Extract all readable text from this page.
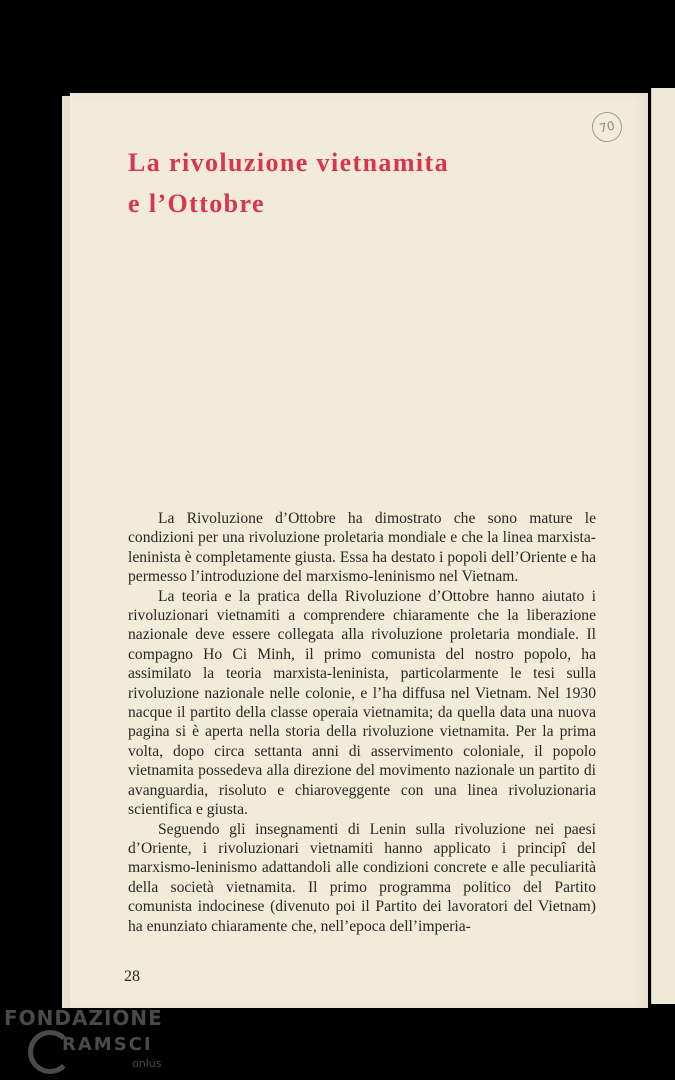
70
La rivoluzione vietnamita
e l’Ottobre

La Rivoluzione d’Ottobre ha dimostrato che sono mature le condizioni per una rivoluzione proletaria mondiale e che la linea marxista-leninista è completamente giusta. Essa ha destato i popoli dell’Oriente e ha permesso l’introduzione del marxismo-leninismo nel Vietnam.

La teoria e la pratica della Rivoluzione d’Ottobre hanno aiutato i rivoluzionari vietnamiti a comprendere chiaramente che la liberazione nazionale deve essere collegata alla rivoluzione proletaria mondiale. Il compagno Ho Ci Minh, il primo comunista del nostro popolo, ha assimilato la teoria marxista-leninista, particolarmente le tesi sulla rivoluzione nazionale nelle colonie, e l’ha diffusa nel Vietnam. Nel 1930 nacque il partito della classe operaia vietnamita; da quella data una nuova pagina si è aperta nella storia della rivoluzione vietnamita. Per la prima volta, dopo circa settanta anni di asservimento coloniale, il popolo vietnamita possedeva alla direzione del movimento nazionale un partito di avanguardia, risoluto e chiaroveggente con una linea rivoluzionaria scientifica e giusta.

Seguendo gli insegnamenti di Lenin sulla rivoluzione nei paesi d’Oriente, i rivoluzionari vietnamiti hanno applicato i principî del marxismo-leninismo adattandoli alle condizioni concrete e alle peculiarità della società vietnamita. Il primo programma politico del Partito comunista indocinese (divenuto poi il Partito dei lavoratori del Vietnam) ha enunziato chiaramente che, nell’epoca dell’imperia-

28
FONDAZIONE
RAMSCI
onlus
